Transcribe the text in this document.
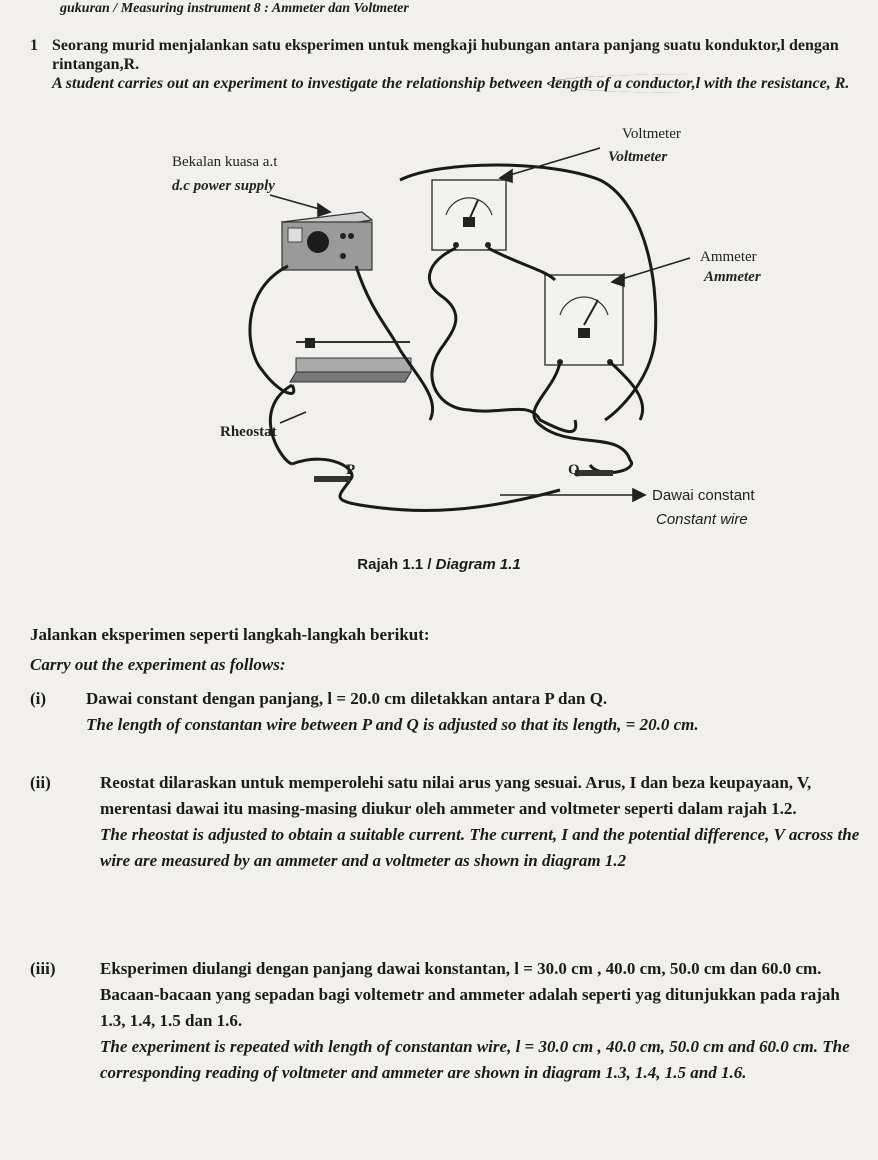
gukuran / Measuring instrument 8 : Ammeter dan Voltmeter
1 Seorang murid menjalankan satu eksperimen untuk mengkaji hubungan antara panjang suatu konduktor,l dengan rintangan,R.
A student carries out an experiment to investigate the relationship between length of a conductor,l with the resistance, R.
Voltmeter
Voltmeter
Bekalan kuasa a.t
d.c power supply
Ammeter
Ammeter
Rheostat
P	Q
Dawai constant
Constant wire
Rajah 1.1 / Diagram 1.1
Jalankan eksperimen seperti langkah-langkah berikut:
Carry out the experiment as follows:
(i) Dawai constant dengan panjang, l = 20.0 cm diletakkan antara P dan Q.

The length of constantan wire between P and Q is adjusted so that its length, = 20.0 cm.

(ii)	Reostat dilaraskan untuk memperolehi satu nilai arus yang sesuai. Arus, I dan beza keupayaan, V, merentasi dawai itu masing-masing diukur oleh ammeter and voltmeter seperti dalam rajah 1.2.

The rheostat is adjusted to obtain a suitable current. The current, I and the potential difference, V across the wire are measured by an ammeter and a voltmeter as shown in diagram 1.2

(iii)	Eksperimen diulangi dengan panjang dawai konstantan, l = 30.0 cm , 40.0 cm, 50.0 cm dan 60.0 cm. Bacaan-bacaan yang sepadan bagi voltemetr and ammeter adalah seperti yag ditunjukkan pada rajah 1.3, 1.4, 1.5 dan 1.6.

The experiment is repeated with length of constantan wire, l = 30.0 cm , 40.0 cm, 50.0 cm and 60.0 cm. The corresponding reading of voltmeter and ammeter are shown in diagram 1.3, 1.4, 1.5 and 1.6.
